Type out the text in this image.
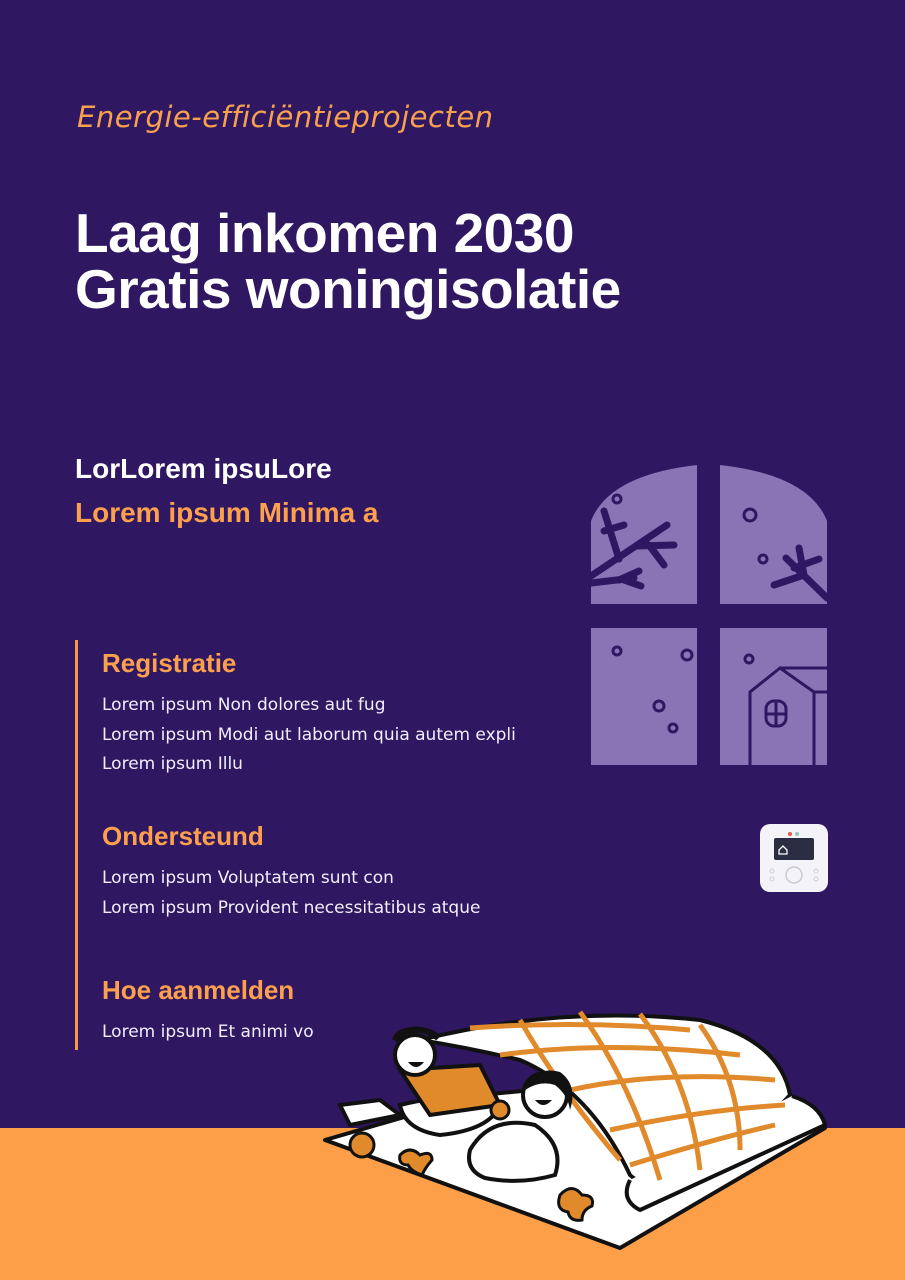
Energie-efficiëntieprojecten
Laag inkomen 2030
Gratis woningisolatie
LorLorem ipsuLore
Lorem ipsum Minima a
Registratie

Lorem ipsum Non dolores aut fug

Lorem ipsum Modi aut laborum quia autem expli

Lorem ipsum Illu

Ondersteund

Lorem ipsum Voluptatem sunt con

Lorem ipsum Provident necessitatibus atque

Hoe aanmelden

Lorem ipsum Et animi vo
